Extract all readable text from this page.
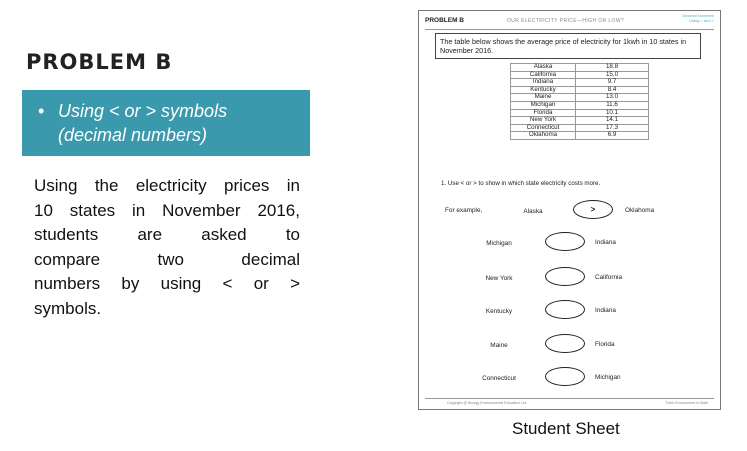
PROBLEM B
• Using < or > symbols
(decimal numbers)
Using the electricity prices in
10 states in November 2016,
students are asked to
compare two decimal
numbers by using < or >
symbols.
PROBLEM B	OUR ELECTRICITY PRICE—HIGH OR LOW?
Decimal Numbers
Using < and >
The table below shows the average price of electricity for 1kwh in 10 states in November 2016.
Alaska	18.8
California	15.0
Indiana	9.7
Kentucky	8.4
Maine	13.0
Michigan	11.6
Florida	10.1
New York	14.1
Connecticut	17.3
Oklahoma	6.9
1. Use < or > to show in which state electricity costs more.
For example,	Alaska	>	Oklahoma
Michigan	Indiana
New York	California
Kentucky	Indiana
Maine	Florida
Connecticut	Michigan
Copyright @ Bluegg Environmental Education Ltd.	Think Environment in Math
Student Sheet
